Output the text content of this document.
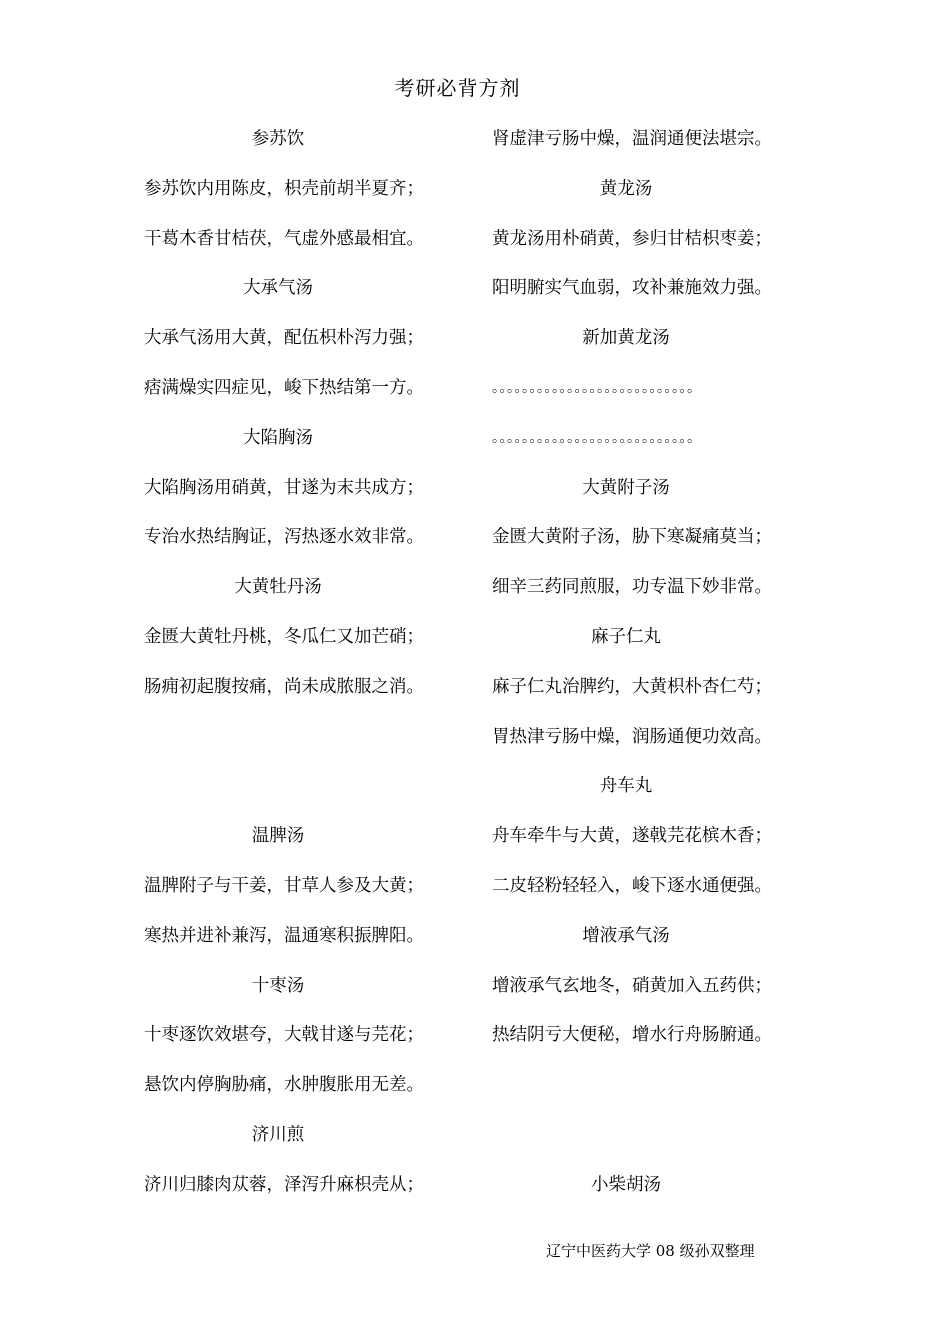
考研必背方剂
参苏饮
参苏饮内用陈皮，枳壳前胡半夏齐；
干葛木香甘桔茯，气虚外感最相宜。
大承气汤
大承气汤用大黄，配伍枳朴泻力强；
痞满燥实四症见，峻下热结第一方。
大陷胸汤
大陷胸汤用硝黄，甘遂为末共成方；
专治水热结胸证，泻热逐水效非常。
大黄牡丹汤
金匮大黄牡丹桃，冬瓜仁又加芒硝；
肠痈初起腹按痛，尚未成脓服之消。
温脾汤
温脾附子与干姜，甘草人参及大黄；
寒热并进补兼泻，温通寒积振脾阳。
十枣汤
十枣逐饮效堪夸，大戟甘遂与芫花；
悬饮内停胸胁痛，水肿腹胀用无差。
济川煎
济川归膝肉苁蓉，泽泻升麻枳壳从；
肾虚津亏肠中燥，温润通便法堪宗。
黄龙汤
黄龙汤用朴硝黄，参归甘桔枳枣姜；
阳明腑实气血弱，攻补兼施效力强。
新加黄龙汤
。。。。。。。。。。。。。。。。。。。。。。。。。。。
。。。。。。。。。。。。。。。。。。。。。。。。。。。
大黄附子汤
金匮大黄附子汤，胁下寒凝痛莫当；
细辛三药同煎服，功专温下妙非常。
麻子仁丸
麻子仁丸治脾约，大黄枳朴杏仁芍；
胃热津亏肠中燥，润肠通便功效高。
舟车丸
舟车牵牛与大黄，遂戟芫花槟木香；
二皮轻粉轻轻入，峻下逐水通便强。
增液承气汤
增液承气玄地冬，硝黄加入五药供；
热结阴亏大便秘，增水行舟肠腑通。
小柴胡汤
辽宁中医药大学 08 级孙双整理
